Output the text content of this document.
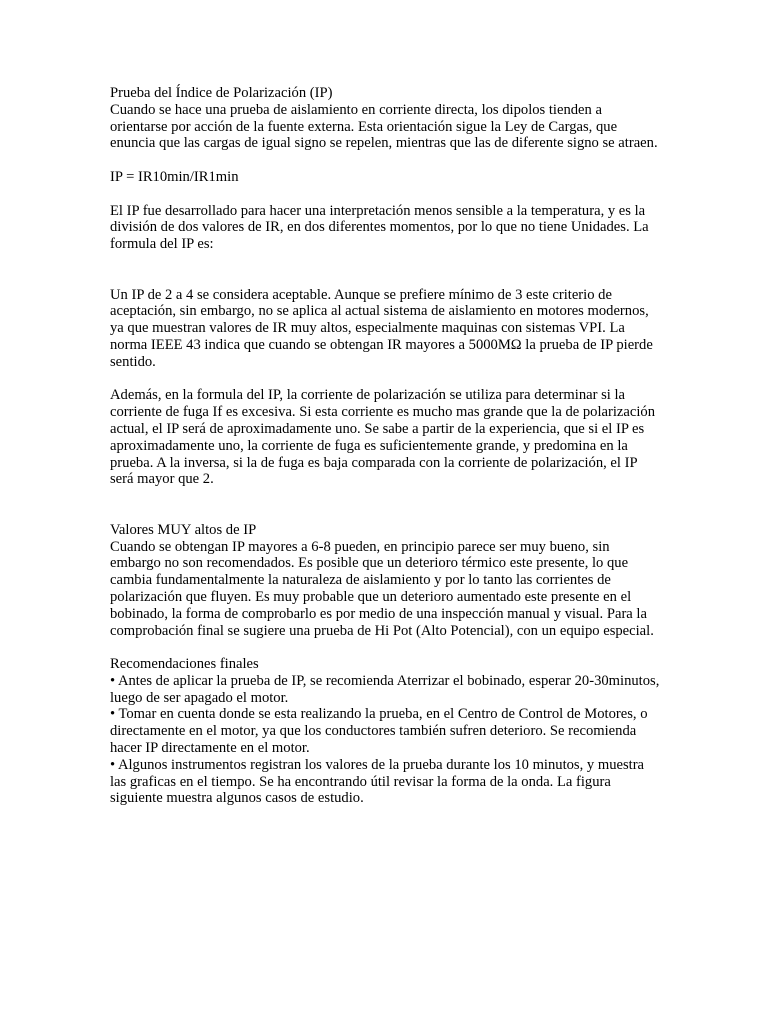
Prueba del Índice de Polarización (IP)

Cuando se hace una prueba de aislamiento en corriente directa, los dipolos tienden a orientarse por acción de la fuente externa. Esta orientación sigue la Ley de Cargas, que enuncia que las cargas de igual signo se repelen, mientras que las de diferente signo se atraen.

IP = IR10min/IR1min

El IP fue desarrollado para hacer una interpretación menos sensible a la temperatura, y es la división de dos valores de IR, en dos diferentes momentos, por lo que no tiene Unidades. La formula del IP es:

Un IP de 2 a 4 se considera aceptable. Aunque se prefiere mínimo de 3 este criterio de aceptación, sin embargo, no se aplica al actual sistema de aislamiento en motores modernos, ya que muestran valores de IR muy altos, especialmente maquinas con sistemas VPI. La norma IEEE 43 indica que cuando se obtengan IR mayores a 5000MΩ la prueba de IP pierde sentido.

Además, en la formula del IP, la corriente de polarización se utiliza para determinar si la corriente de fuga If es excesiva. Si esta corriente es mucho mas grande que la de polarización actual, el IP será de aproximadamente uno. Se sabe a partir de la experiencia, que si el IP es aproximadamente uno, la corriente de fuga es suficientemente grande, y predomina en la prueba. A la inversa, si la de fuga es baja comparada con la corriente de polarización, el IP será mayor que 2.

Valores MUY altos de IP

Cuando se obtengan IP mayores a 6-8 pueden, en principio parece ser muy bueno, sin embargo no son recomendados. Es posible que un deterioro térmico este presente, lo que cambia fundamentalmente la naturaleza de aislamiento y por lo tanto las corrientes de polarización que fluyen. Es muy probable que un deterioro aumentado este presente en el bobinado, la forma de comprobarlo es por medio de una inspección manual y visual. Para la comprobación final se sugiere una prueba de Hi Pot (Alto Potencial), con un equipo especial.

Recomendaciones finales

• Antes de aplicar la prueba de IP, se recomienda Aterrizar el bobinado, esperar 20-30minutos, luego de ser apagado el motor.

• Tomar en cuenta donde se esta realizando la prueba, en el Centro de Control de Motores, o directamente en el motor, ya que los conductores también sufren deterioro. Se recomienda hacer IP directamente en el motor.

• Algunos instrumentos registran los valores de la prueba durante los 10 minutos, y muestra las graficas en el tiempo. Se ha encontrando útil revisar la forma de la onda. La figura siguiente muestra algunos casos de estudio.
